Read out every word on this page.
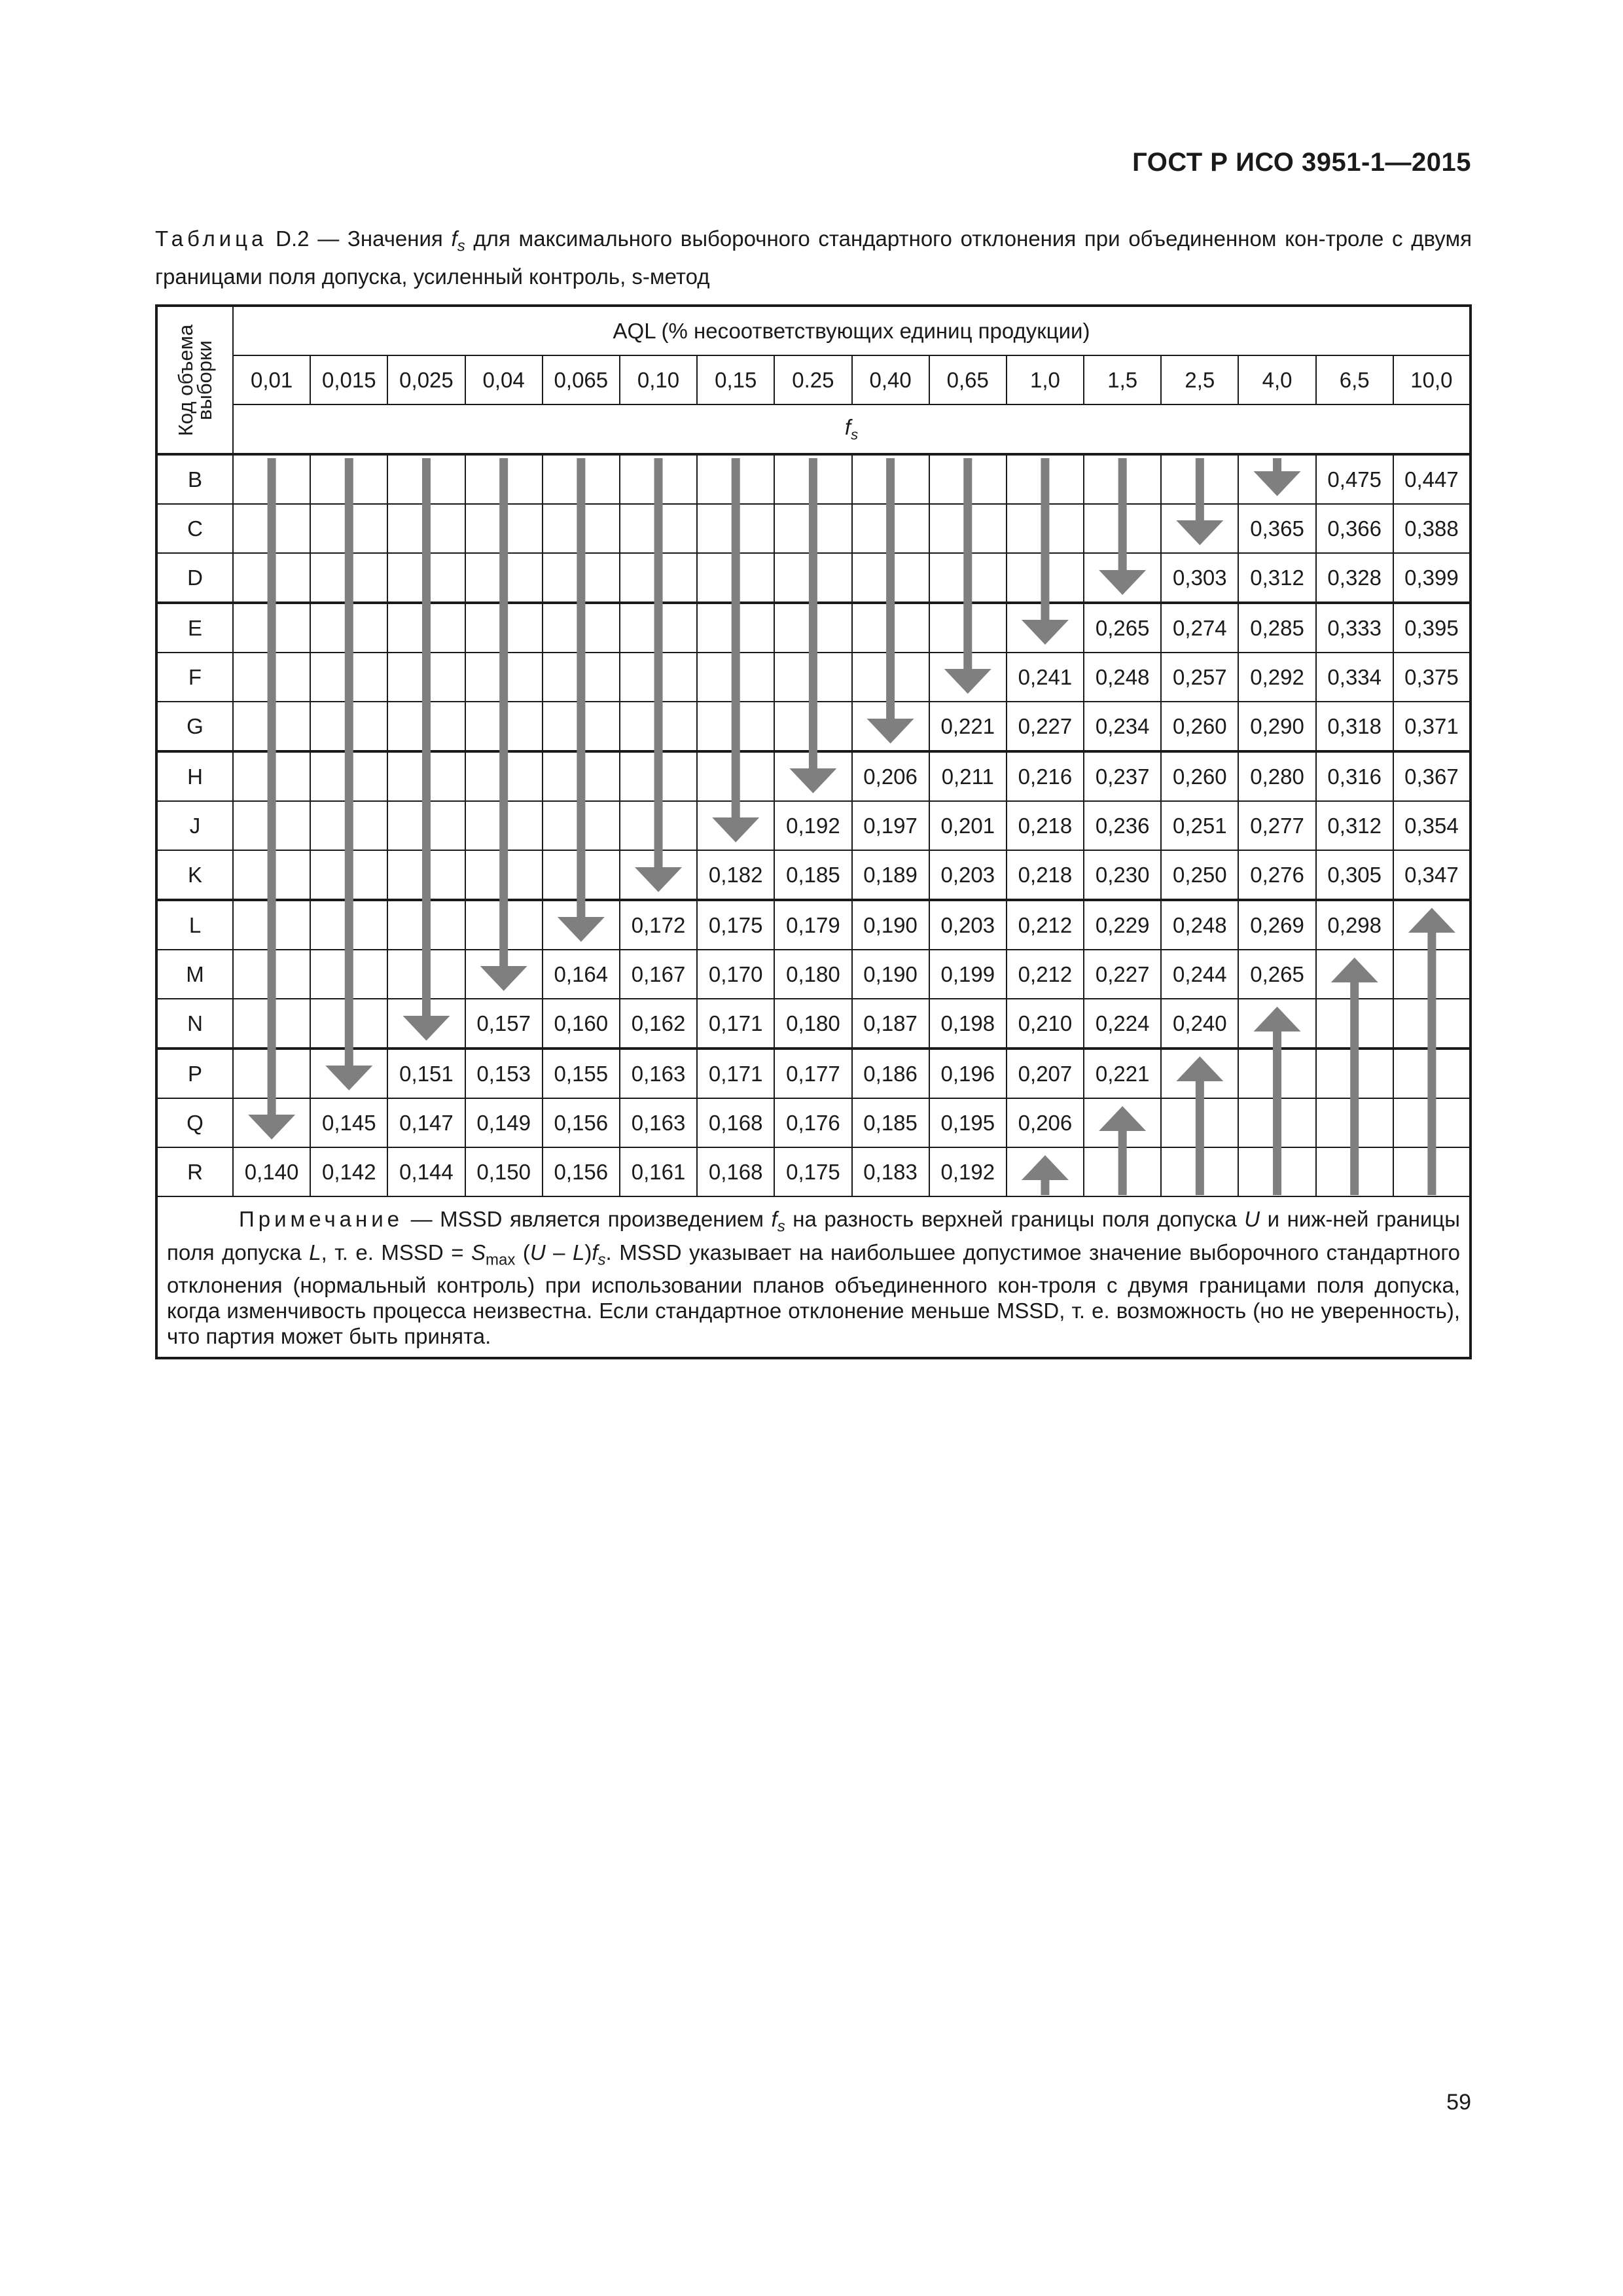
ГОСТ Р ИСО 3951-1—2015
Таблица D.2 — Значения $f_s$ для максимального выборочного стандартного отклонения при объединенном кон-троле с двумя границами поля допуска, усиленный контроль, s-метод
Код объема выборки	AQL (% несоответствующих единиц продукции)															
	0,01	0,015	0,025	0,04	0,065	0,10	0,15	0.25	0,40	0,65	1,0	1,5	2,5	4,0	6,5	10,0
	$f_s$
B															0,475	0,447
C														0,365	0,366	0,388
D													0,303	0,312	0,328	0,399
E												0,265	0,274	0,285	0,333	0,395
F											0,241	0,248	0,257	0,292	0,334	0,375
G										0,221	0,227	0,234	0,260	0,290	0,318	0,371
H									0,206	0,211	0,216	0,237	0,260	0,280	0,316	0,367
J								0,192	0,197	0,201	0,218	0,236	0,251	0,277	0,312	0,354
K							0,182	0,185	0,189	0,203	0,218	0,230	0,250	0,276	0,305	0,347
L						0,172	0,175	0,179	0,190	0,203	0,212	0,229	0,248	0,269	0,298	
M					0,164	0,167	0,170	0,180	0,190	0,199	0,212	0,227	0,244	0,265		
N				0,157	0,160	0,162	0,171	0,180	0,187	0,198	0,210	0,224	0,240			
P			0,151	0,153	0,155	0,163	0,171	0,177	0,186	0,196	0,207	0,221				
Q		0,145	0,147	0,149	0,156	0,163	0,168	0,176	0,185	0,195	0,206					
R	0,140	0,142	0,144	0,150	0,156	0,161	0,168	0,175	0,183	0,192						
Примечание — MSSD является произведением $f_s$ на разность верхней границы поля допуска U и ниж-ней границы поля допуска L, т. е. MSSD = $S_{max}$ $(U - L)f_s$. MSSD указывает на наибольшее допустимое значение выборочного стандартного отклонения (нормальный контроль) при использовании планов объединенного кон-троля с двумя границами поля допуска, когда изменчивость процесса неизвестна. Если стандартное отклонение меньше MSSD, т. е. возможность (но не уверенность), что партия может быть принята.																
59
